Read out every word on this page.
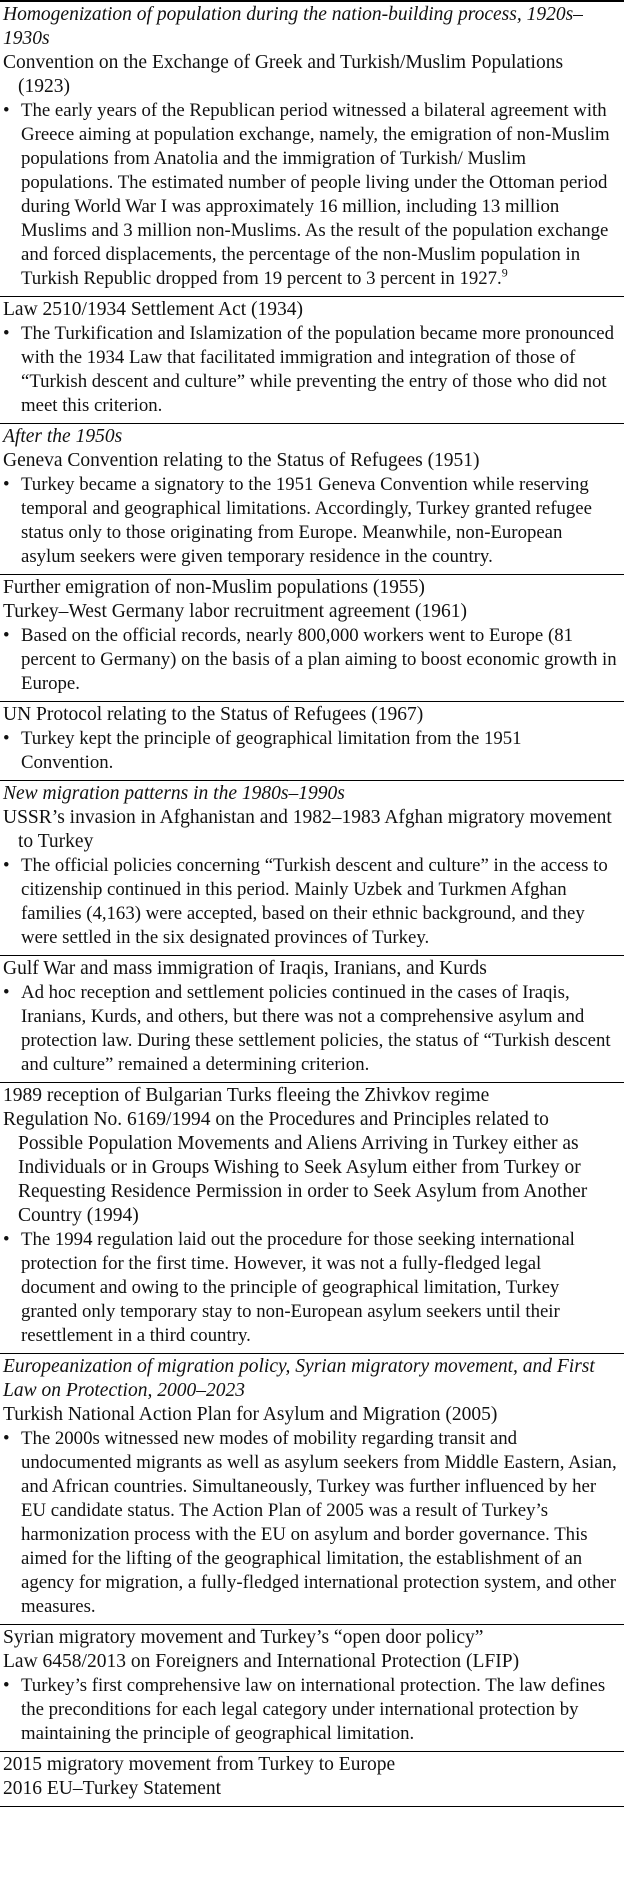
Homogenization of population during the nation-building process, 1920s–1930s

Convention on the Exchange of Greek and Turkish/Muslim Populations (1923)

• The early years of the Republican period witnessed a bilateral agreement with Greece aiming at population exchange, namely, the emigration of non-Muslim populations from Anatolia and the immigration of Turkish/ Muslim populations. The estimated number of people living under the Ottoman period during World War I was approximately 16 million, including 13 million Muslims and 3 million non-Muslims. As the result of the population exchange and forced displacements, the percentage of the non-Muslim population in Turkish Republic dropped from 19 percent to 3 percent in 1927.$^9$

Law 2510/1934 Settlement Act (1934)

• The Turkification and Islamization of the population became more pronounced with the 1934 Law that facilitated immigration and integration of those of “Turkish descent and culture” while preventing the entry of those who did not meet this criterion.

After the 1950s

Geneva Convention relating to the Status of Refugees (1951)

• Turkey became a signatory to the 1951 Geneva Convention while reserving temporal and geographical limitations. Accordingly, Turkey granted refugee status only to those originating from Europe. Meanwhile, non-European asylum seekers were given temporary residence in the country.

Further emigration of non-Muslim populations (1955)

Turkey–West Germany labor recruitment agreement (1961)

• Based on the official records, nearly 800,000 workers went to Europe (81 percent to Germany) on the basis of a plan aiming to boost economic growth in Europe.

UN Protocol relating to the Status of Refugees (1967)

• Turkey kept the principle of geographical limitation from the 1951 Convention.

New migration patterns in the 1980s–1990s

USSR’s invasion in Afghanistan and 1982–1983 Afghan migratory movement to Turkey

• The official policies concerning “Turkish descent and culture” in the access to citizenship continued in this period. Mainly Uzbek and Turkmen Afghan families (4,163) were accepted, based on their ethnic background, and they were settled in the six designated provinces of Turkey.

Gulf War and mass immigration of Iraqis, Iranians, and Kurds

• Ad hoc reception and settlement policies continued in the cases of Iraqis, Iranians, Kurds, and others, but there was not a comprehensive asylum and protection law. During these settlement policies, the status of “Turkish descent and culture” remained a determining criterion.

1989 reception of Bulgarian Turks fleeing the Zhivkov regime

Regulation No. 6169/1994 on the Procedures and Principles related to Possible Population Movements and Aliens Arriving in Turkey either as Individuals or in Groups Wishing to Seek Asylum either from Turkey or Requesting Residence Permission in order to Seek Asylum from Another Country (1994)

• The 1994 regulation laid out the procedure for those seeking international protection for the first time. However, it was not a fully-fledged legal document and owing to the principle of geographical limitation, Turkey granted only temporary stay to non-European asylum seekers until their resettlement in a third country.

Europeanization of migration policy, Syrian migratory movement, and First Law on Protection, 2000–2023

Turkish National Action Plan for Asylum and Migration (2005)

• The 2000s witnessed new modes of mobility regarding transit and undocumented migrants as well as asylum seekers from Middle Eastern, Asian, and African countries. Simultaneously, Turkey was further influenced by her EU candidate status. The Action Plan of 2005 was a result of Turkey’s harmonization process with the EU on asylum and border governance. This aimed for the lifting of the geographical limitation, the establishment of an agency for migration, a fully-fledged international protection system, and other measures.

Syrian migratory movement and Turkey’s “open door policy”

Law 6458/2013 on Foreigners and International Protection (LFIP)

• Turkey’s first comprehensive law on international protection. The law defines the preconditions for each legal category under international protection by maintaining the principle of geographical limitation.

2015 migratory movement from Turkey to Europe

2016 EU–Turkey Statement
